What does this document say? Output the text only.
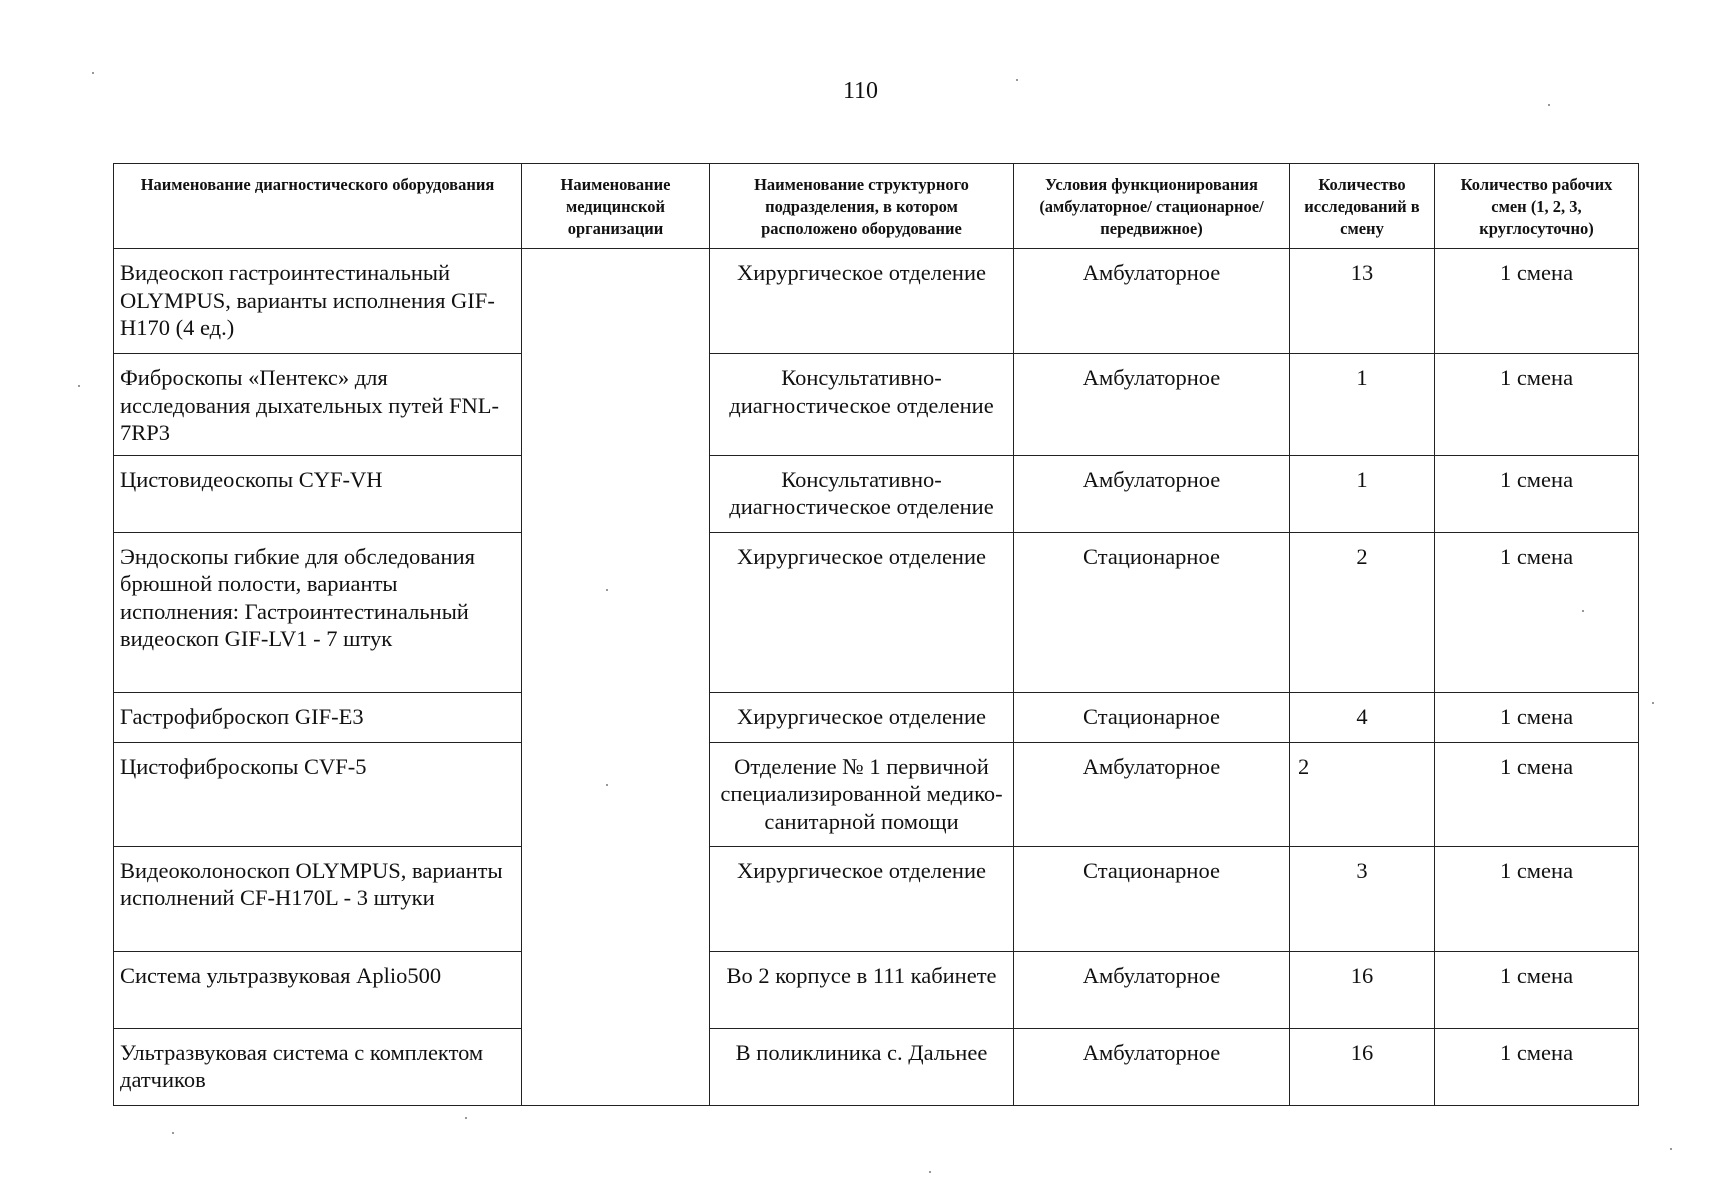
110
Наименование диагностического оборудования	Наименование медицинской организации	Наименование структурного подразделения, в котором расположено оборудование	Условия функционирования (амбулаторное/ стационарное/передвижное)	Количество исследований в смену	Количество рабочих смен (1, 2, 3, круглосуточно)
Видеоскоп гастроинтестинальный OLYMPUS, варианты исполнения GIF-H170 (4 ед.)		Хирургическое отделение	Амбулаторное	13	1 смена
Фиброскопы «Пентекс» для исследования дыхательных путей FNL-7RP3		Консультативно-диагностическое отделение	Амбулаторное	1	1 смена
Цистовидеоскопы CYF-VH		Консультативно-диагностическое отделение	Амбулаторное	1	1 смена
Эндоскопы гибкие для обследования брюшной полости, варианты исполнения: Гастроинтестинальный видеоскоп GIF-LV1 - 7 штук		Хирургическое отделение	Стационарное	2	1 смена
Гастрофиброскоп GIF-E3		Хирургическое отделение	Стационарное	4	1 смена
Цистофиброскопы CVF-5		Отделение № 1 первичной специализированной медико-санитарной помощи	Амбулаторное	2	1 смена
Видеоколоноскоп OLYMPUS, варианты исполнений CF-H170L - 3 штуки		Хирургическое отделение	Стационарное	3	1 смена
Система ультразвуковая Aplio500		Во 2 корпусе в 111 кабинете	Амбулаторное	16	1 смена
Ультразвуковая система с комплектом датчиков		В поликлиника с. Дальнее	Амбулаторное	16	1 смена
